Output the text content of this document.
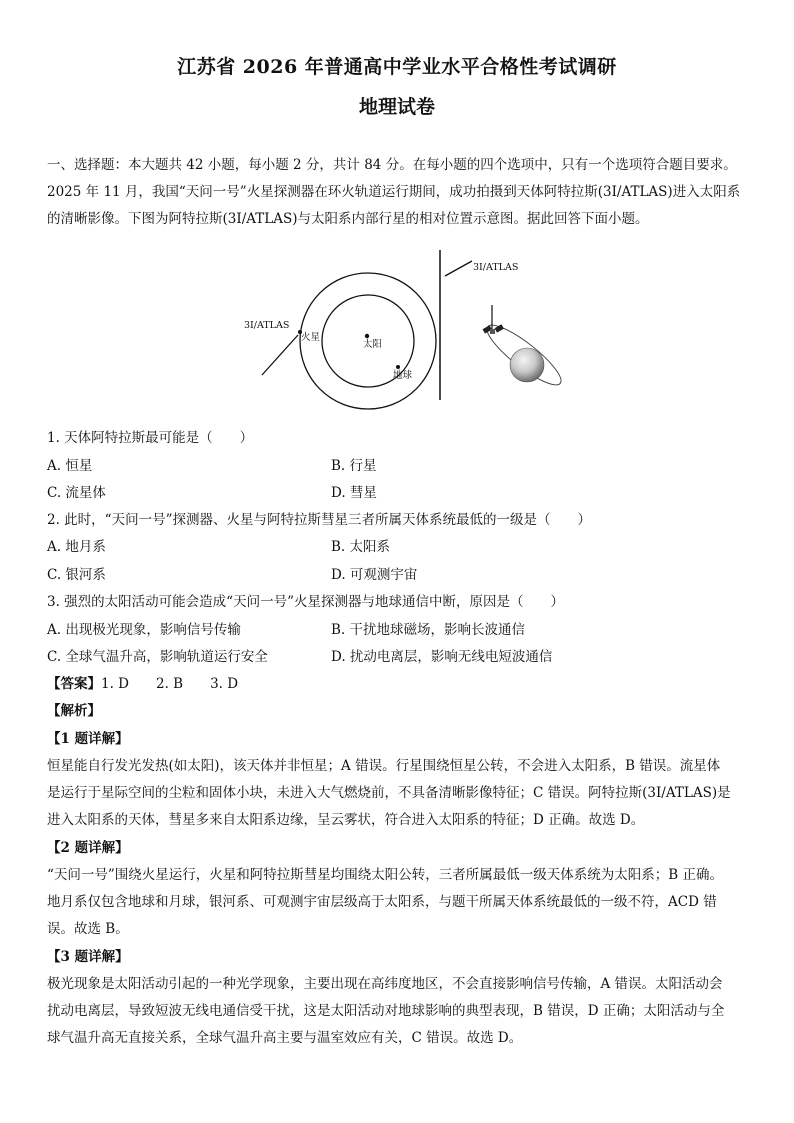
江苏省 2026 年普通高中学业水平合格性考试调研
地理试卷
一、选择题：本大题共 42 小题，每小题 2 分，共计 84 分。在每小题的四个选项中，只有一个选项符合题目要求。
2025 年 11 月，我国“天问一号”火星探测器在环火轨道运行期间，成功拍摄到天体阿特拉斯(3I/ATLAS)进入太阳系
的清晰影像。下图为阿特拉斯(3I/ATLAS)与太阳系内部行星的相对位置示意图。据此回答下面小题。
太阳
火星
地球
3I/ATLAS
3I/ATLAS
1. 天体阿特拉斯最可能是（　　）
A. 恒星	B. 行星
C. 流星体	D. 彗星
2. 此时，“天问一号”探测器、火星与阿特拉斯彗星三者所属天体系统最低的一级是（　　）
A. 地月系	B. 太阳系
C. 银河系	D. 可观测宇宙
3. 强烈的太阳活动可能会造成“天问一号”火星探测器与地球通信中断，原因是（　　）
A. 出现极光现象，影响信号传输	B. 干扰地球磁场，影响长波通信
C. 全球气温升高，影响轨道运行安全	D. 扰动电离层，影响无线电短波通信
【答案】1. D　　2. B　　3. D
【解析】
【1 题详解】
恒星能自行发光发热(如太阳)，该天体并非恒星；A 错误。行星围绕恒星公转，不会进入太阳系，B 错误。流星体
是运行于星际空间的尘粒和固体小块，未进入大气燃烧前，不具备清晰影像特征；C 错误。阿特拉斯(3I/ATLAS)是
进入太阳系的天体，彗星多来自太阳系边缘，呈云雾状，符合进入太阳系的特征；D 正确。故选 D。
【2 题详解】
“天问一号”围绕火星运行，火星和阿特拉斯彗星均围绕太阳公转，三者所属最低一级天体系统为太阳系；B 正确。
地月系仅包含地球和月球，银河系、可观测宇宙层级高于太阳系，与题干所属天体系统最低的一级不符，ACD 错
误。故选 B。
【3 题详解】
极光现象是太阳活动引起的一种光学现象，主要出现在高纬度地区，不会直接影响信号传输，A 错误。太阳活动会
扰动电离层，导致短波无线电通信受干扰，这是太阳活动对地球影响的典型表现，B 错误，D 正确；太阳活动与全
球气温升高无直接关系，全球气温升高主要与温室效应有关，C 错误。故选 D。
